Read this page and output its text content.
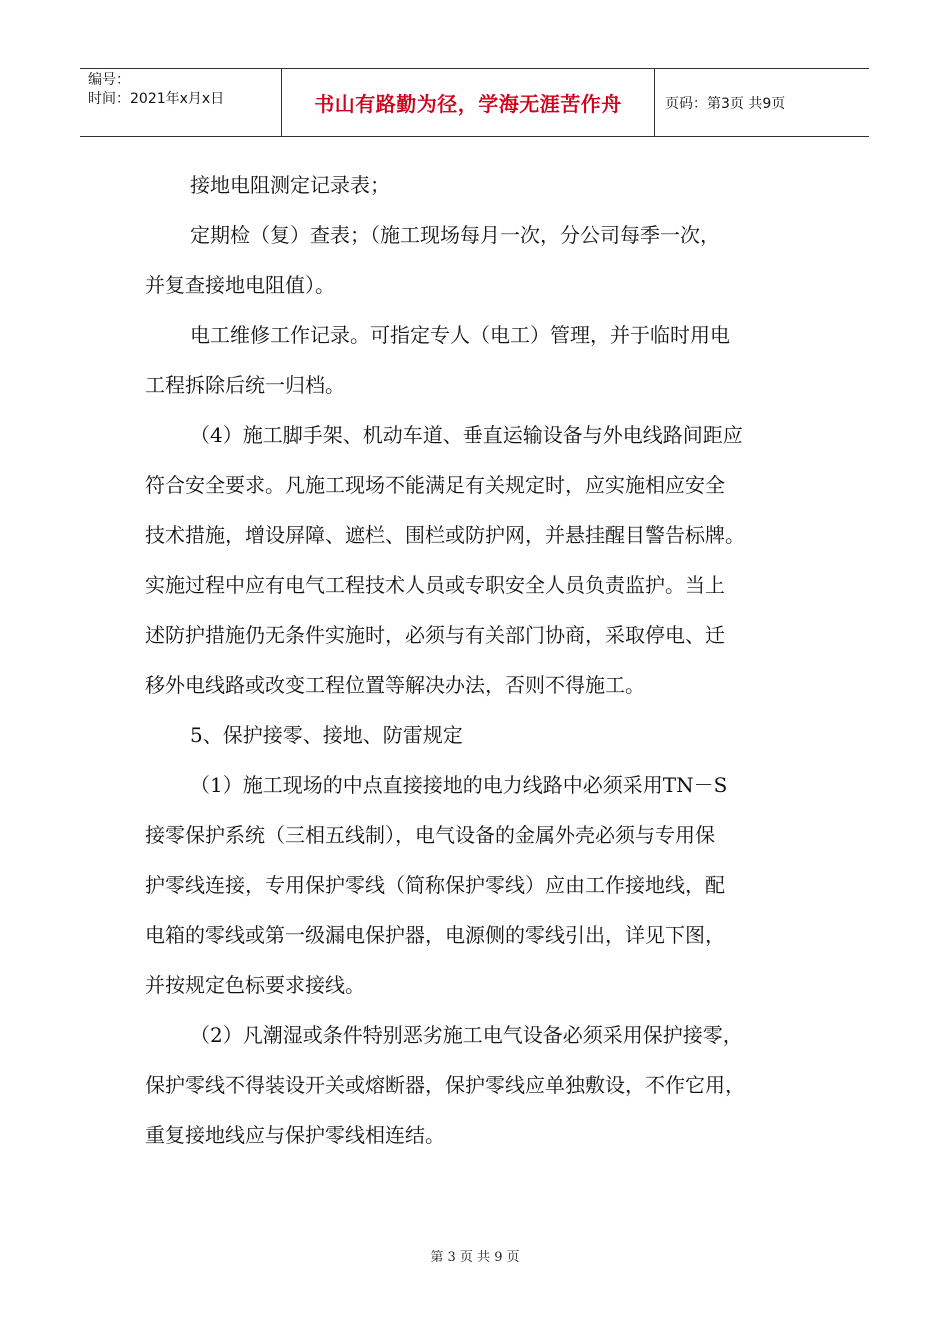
编号：
时间：2021年x月x日	书山有路勤为径，学海无涯苦作舟	页码：第3页 共9页

接地电阻测定记录表；

定期检（复）查表；（施工现场每月一次，分公司每季一次，

并复查接地电阻值）。

电工维修工作记录。可指定专人（电工）管理，并于临时用电

工程拆除后统一归档。

（4）施工脚手架、机动车道、垂直运输设备与外电线路间距应

符合安全要求。凡施工现场不能满足有关规定时，应实施相应安全

技术措施，增设屏障、遮栏、围栏或防护网，并悬挂醒目警告标牌。

实施过程中应有电气工程技术人员或专职安全人员负责监护。当上

述防护措施仍无条件实施时，必须与有关部门协商，采取停电、迁

移外电线路或改变工程位置等解决办法，否则不得施工。

5、保护接零、接地、防雷规定

（1）施工现场的中点直接接地的电力线路中必须采用TN－S

接零保护系统（三相五线制），电气设备的金属外壳必须与专用保

护零线连接，专用保护零线（简称保护零线）应由工作接地线，配

电箱的零线或第一级漏电保护器，电源侧的零线引出，详见下图，

并按规定色标要求接线。

（2）凡潮湿或条件特别恶劣施工电气设备必须采用保护接零，

保护零线不得装设开关或熔断器，保护零线应单独敷设，不作它用，

重复接地线应与保护零线相连结。

第 3 页 共 9 页
